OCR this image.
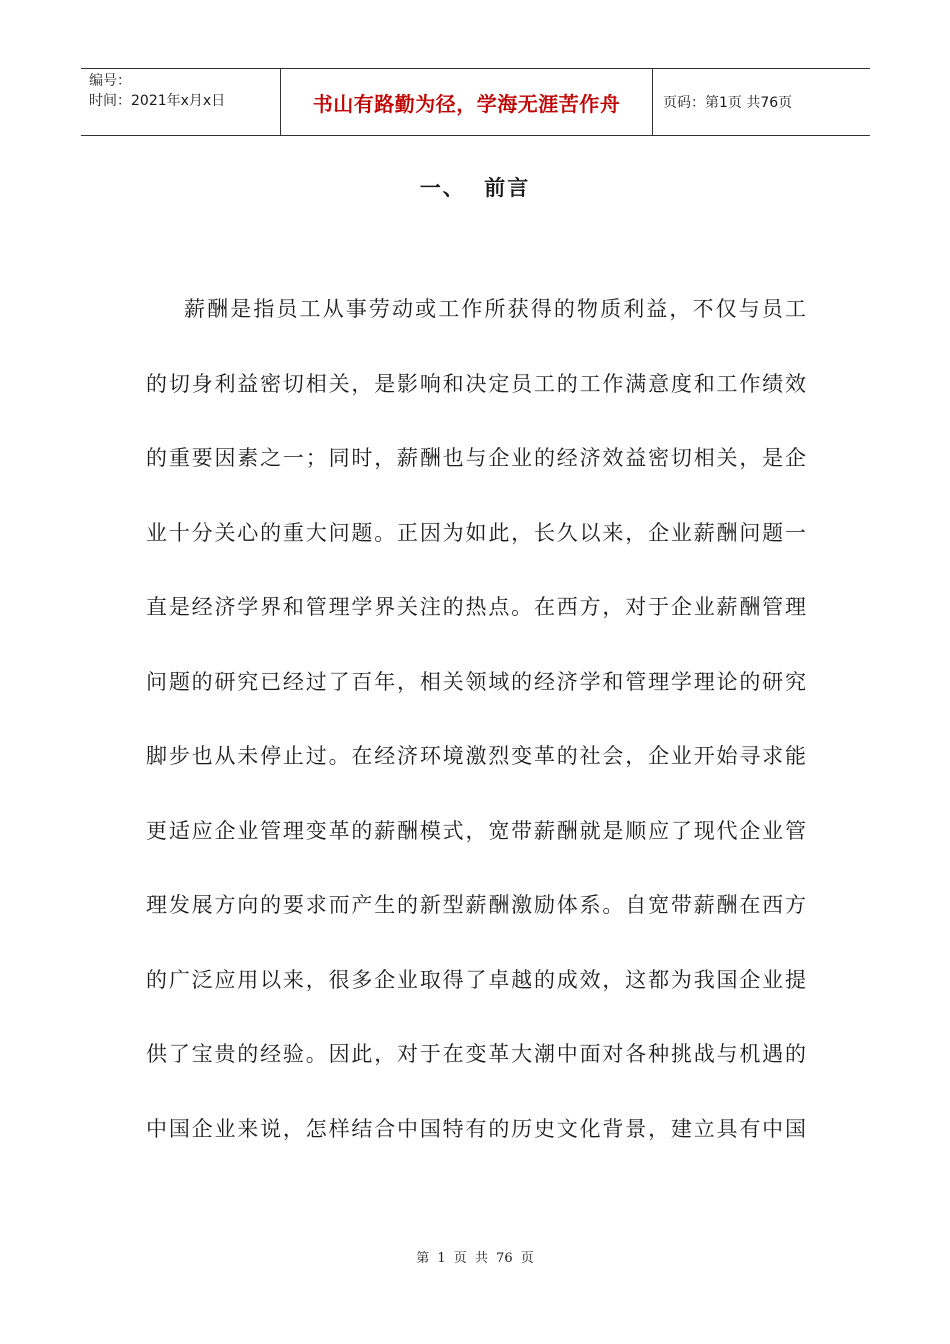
编号：
时间：2021年x月x日	书山有路勤为径，学海无涯苦作舟	页码：第1页 共76页
一、  前言
薪酬是指员工从事劳动或工作所获得的物质利益，不仅与员工
的切身利益密切相关，是影响和决定员工的工作满意度和工作绩效
的重要因素之一；同时，薪酬也与企业的经济效益密切相关，是企
业十分关心的重大问题。正因为如此，长久以来，企业薪酬问题一
直是经济学界和管理学界关注的热点。在西方，对于企业薪酬管理
问题的研究已经过了百年，相关领域的经济学和管理学理论的研究
脚步也从未停止过。在经济环境激烈变革的社会，企业开始寻求能
更适应企业管理变革的薪酬模式，宽带薪酬就是顺应了现代企业管
理发展方向的要求而产生的新型薪酬激励体系。自宽带薪酬在西方
的广泛应用以来，很多企业取得了卓越的成效，这都为我国企业提
供了宝贵的经验。因此，对于在变革大潮中面对各种挑战与机遇的
中国企业来说，怎样结合中国特有的历史文化背景，建立具有中国
第 1 页 共 76 页
